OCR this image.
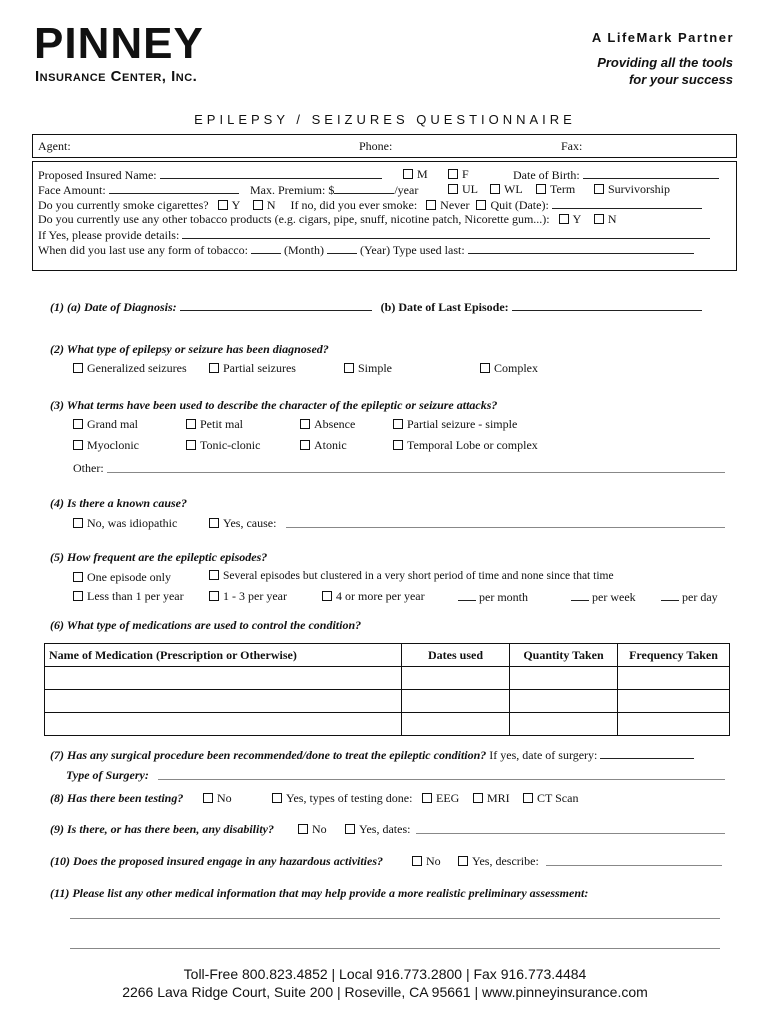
PINNEY
Insurance Center, Inc.
A LifeMark Partner
Providing all the tools
for your success
EPILEPSY / SEIZURES QUESTIONNAIRE
Agent:	Phone:	Fax:
Proposed Insured Name:	M	F	Date of Birth:
Face Amount:	Max. Premium: $	/year	UL	WL	Term	Survivorship
Do you currently smoke cigarettes? Y N If no, did you ever smoke: Never Quit (Date):
Do you currently use any other tobacco products (e.g. cigars, pipe, snuff, nicotine patch, Nicorette gum...): Y N
If Yes, please provide details:
When did you last use any form of tobacco:	(Month)	(Year) Type used last:
(1) (a) Date of Diagnosis:	(b) Date of Last Episode:
(2) What type of epilepsy or seizure has been diagnosed?
Generalized seizures	Partial seizures	Simple	Complex
(3) What terms have been used to describe the character of the epileptic or seizure attacks?
Grand mal	Petit mal	Absence	Partial seizure - simple
Myoclonic	Tonic-clonic	Atonic	Temporal Lobe or complex
Other:
(4) Is there a known cause?
No, was idiopathic	Yes, cause:
(5) How frequent are the epileptic episodes?
One episode only	Several episodes but clustered in a very short period of time and none since that time
Less than 1 per year	1 - 3 per year	4 or more per year	per month	per week	per day
(6) What type of medications are used to control the condition?
Name of Medication (Prescription or Otherwise)	Dates used	Quantity Taken	Frequency Taken

(7) Has any surgical procedure been recommended/done to treat the epileptic condition? If yes, date of surgery:
Type of Surgery:
(8) Has there been testing?	No	Yes, types of testing done:	EEG	MRI	CT Scan
(9) Is there, or has there been, any disability?	No	Yes, dates:
(10) Does the proposed insured engage in any hazardous activities?	No	Yes, describe:
(11) Please list any other medical information that may help provide a more realistic preliminary assessment:
Toll-Free 800.823.4852 | Local 916.773.2800 | Fax 916.773.4484
2266 Lava Ridge Court, Suite 200 | Roseville, CA 95661 | www.pinneyinsurance.com
